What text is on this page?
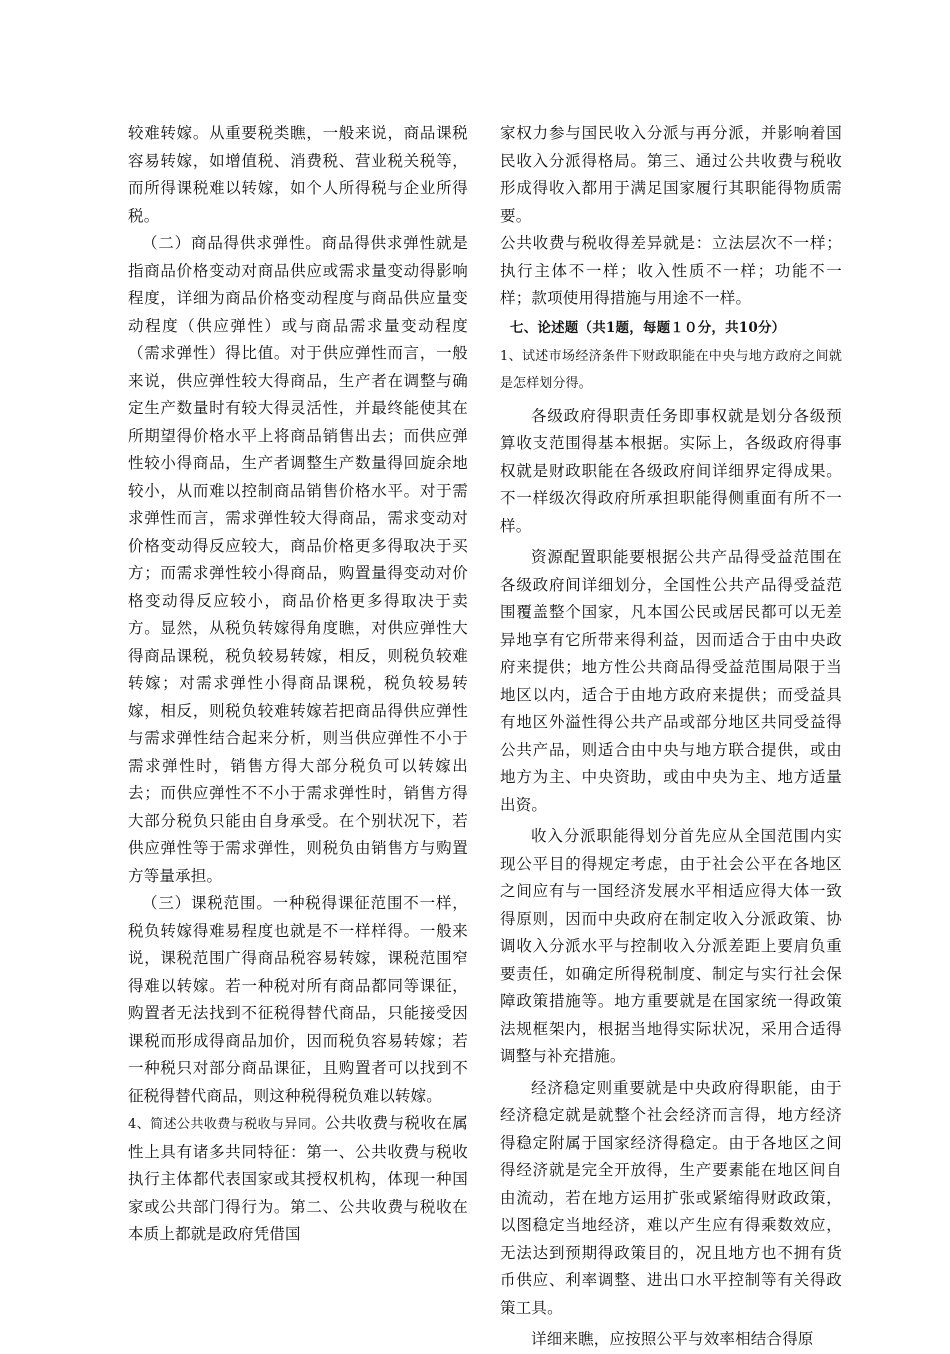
较难转嫁。从重要税类瞧，一般来说，商品课税容易转嫁，如增值税、消费税、营业税关税等，而所得课税难以转嫁，如个人所得税与企业所得税。

（二）商品得供求弹性。商品得供求弹性就是指商品价格变动对商品供应或需求量变动得影响程度，详细为商品价格变动程度与商品供应量变动程度（供应弹性）或与商品需求量变动程度（需求弹性）得比值。对于供应弹性而言，一般来说，供应弹性较大得商品，生产者在调整与确定生产数量时有较大得灵活性，并最终能使其在所期望得价格水平上将商品销售出去；而供应弹性较小得商品，生产者调整生产数量得回旋余地较小，从而难以控制商品销售价格水平。对于需求弹性而言，需求弹性较大得商品，需求变动对价格变动得反应较大，商品价格更多得取决于买方；而需求弹性较小得商品，购置量得变动对价格变动得反应较小，商品价格更多得取决于卖方。显然，从税负转嫁得角度瞧，对供应弹性大得商品课税，税负较易转嫁，相反，则税负较难转嫁；对需求弹性小得商品课税，税负较易转嫁，相反，则税负较难转嫁若把商品得供应弹性与需求弹性结合起来分析，则当供应弹性不小于需求弹性时，销售方得大部分税负可以转嫁出去；而供应弹性不不小于需求弹性时，销售方得大部分税负只能由自身承受。在个别状况下，若供应弹性等于需求弹性，则税负由销售方与购置方等量承担。

（三）课税范围。一种税得课征范围不一样，税负转嫁得难易程度也就是不一样样得。一般来说，课税范围广得商品税容易转嫁，课税范围窄得难以转嫁。若一种税对所有商品都同等课征，购置者无法找到不征税得替代商品，只能接受因课税而形成得商品加价，因而税负容易转嫁；若一种税只对部分商品课征，且购置者可以找到不征税得替代商品，则这种税得税负难以转嫁。

4、简述公共收费与税收与异同。公共收费与税收在属性上具有诸多共同特征：第一、公共收费与税收执行主体都代表国家或其授权机构，体现一种国家或公共部门得行为。第二、公共收费与税收在本质上都就是政府凭借国

家权力参与国民收入分派与再分派，并影响着国民收入分派得格局。第三、通过公共收费与税收形成得收入都用于满足国家履行其职能得物质需要。

公共收费与税收得差异就是：立法层次不一样；执行主体不一样；收入性质不一样；功能不一样；款项使用得措施与用途不一样。

七、论述题（共1题，每题１０分，共10分）

1、试述市场经济条件下财政职能在中央与地方政府之间就是怎样划分得。

各级政府得职责任务即事权就是划分各级预算收支范围得基本根据。实际上，各级政府得事权就是财政职能在各级政府间详细界定得成果。不一样级次得政府所承担职能得侧重面有所不一样。

资源配置职能要根据公共产品得受益范围在各级政府间详细划分，全国性公共产品得受益范围覆盖整个国家，凡本国公民或居民都可以无差异地享有它所带来得利益，因而适合于由中央政府来提供；地方性公共商品得受益范围局限于当地区以内，适合于由地方政府来提供；而受益具有地区外溢性得公共产品或部分地区共同受益得公共产品，则适合由中央与地方联合提供，或由地方为主、中央资助，或由中央为主、地方适量出资。

收入分派职能得划分首先应从全国范围内实现公平目的得规定考虑，由于社会公平在各地区之间应有与一国经济发展水平相适应得大体一致得原则，因而中央政府在制定收入分派政策、协调收入分派水平与控制收入分派差距上要肩负重要责任，如确定所得税制度、制定与实行社会保障政策措施等。地方重要就是在国家统一得政策法规框架内，根据当地得实际状况，采用合适得调整与补充措施。

经济稳定则重要就是中央政府得职能，由于经济稳定就是就整个社会经济而言得，地方经济得稳定附属于国家经济得稳定。由于各地区之间得经济就是完全开放得，生产要素能在地区间自由流动，若在地方运用扩张或紧缩得财政政策，以图稳定当地经济，难以产生应有得乘数效应，无法达到预期得政策目的，况且地方也不拥有货币供应、利率调整、进出口水平控制等有关得政策工具。

详细来瞧，应按照公平与效率相结合得原
